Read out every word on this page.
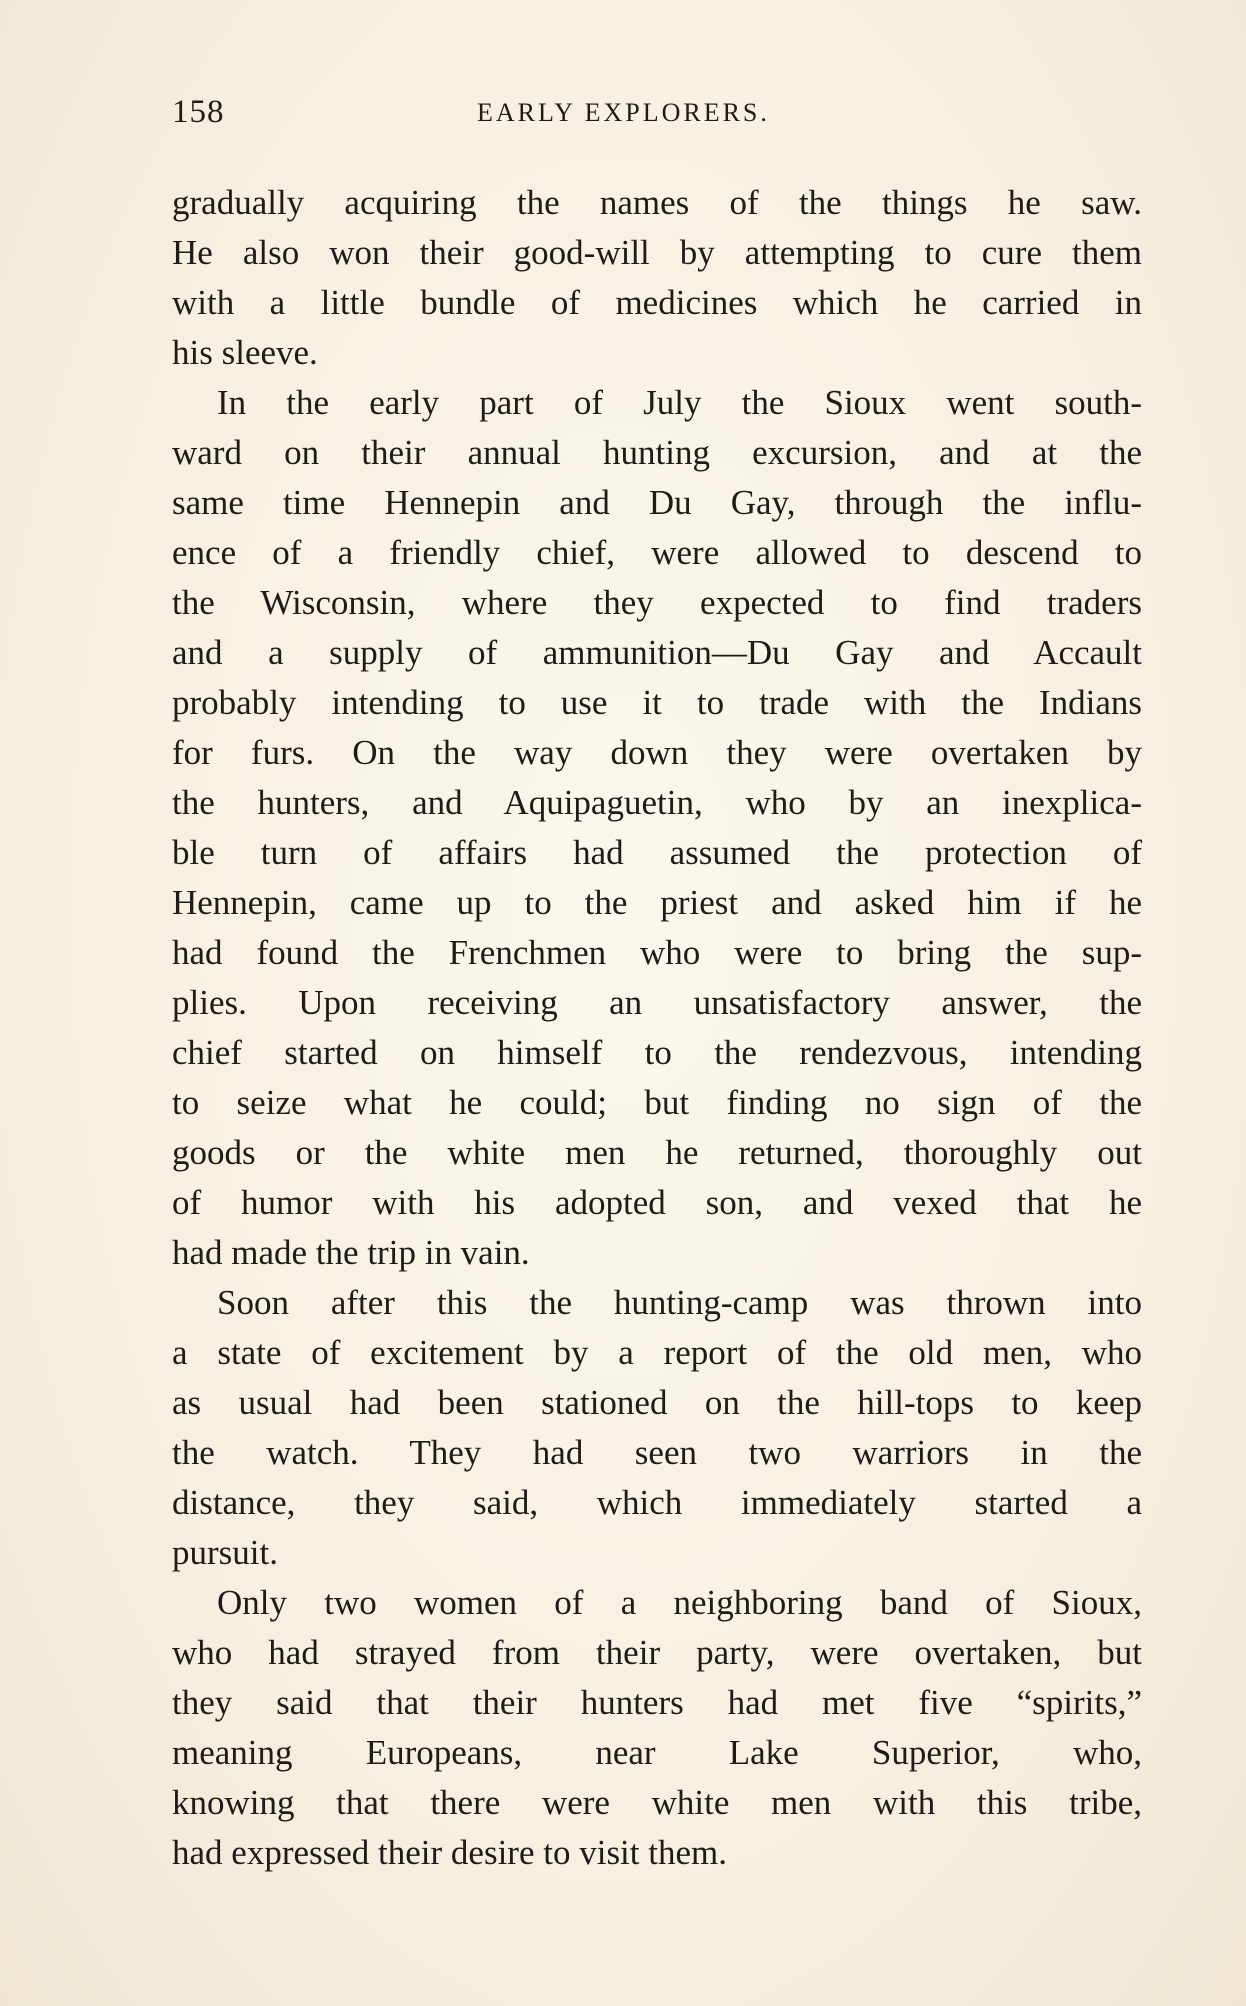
158	EARLY EXPLORERS.
gradually acquiring the names of the things he saw.
He also won their good-will by attempting to cure them
with a little bundle of medicines which he carried in
his sleeve.
In the early part of July the Sioux went south-
ward on their annual hunting excursion, and at the
same time Hennepin and Du Gay, through the influ-
ence of a friendly chief, were allowed to descend to
the Wisconsin, where they expected to find traders
and a supply of ammunition—Du Gay and Accault
probably intending to use it to trade with the Indians
for furs. On the way down they were overtaken by
the hunters, and Aquipaguetin, who by an inexplica-
ble turn of affairs had assumed the protection of
Hennepin, came up to the priest and asked him if he
had found the Frenchmen who were to bring the sup-
plies. Upon receiving an unsatisfactory answer, the
chief started on himself to the rendezvous, intending
to seize what he could; but finding no sign of the
goods or the white men he returned, thoroughly out
of humor with his adopted son, and vexed that he
had made the trip in vain.
Soon after this the hunting-camp was thrown into
a state of excitement by a report of the old men, who
as usual had been stationed on the hill-tops to keep
the watch. They had seen two warriors in the
distance, they said, which immediately started a
pursuit.
Only two women of a neighboring band of Sioux,
who had strayed from their party, were overtaken, but
they said that their hunters had met five “spirits,”
meaning Europeans, near Lake Superior, who,
knowing that there were white men with this tribe,
had expressed their desire to visit them.
